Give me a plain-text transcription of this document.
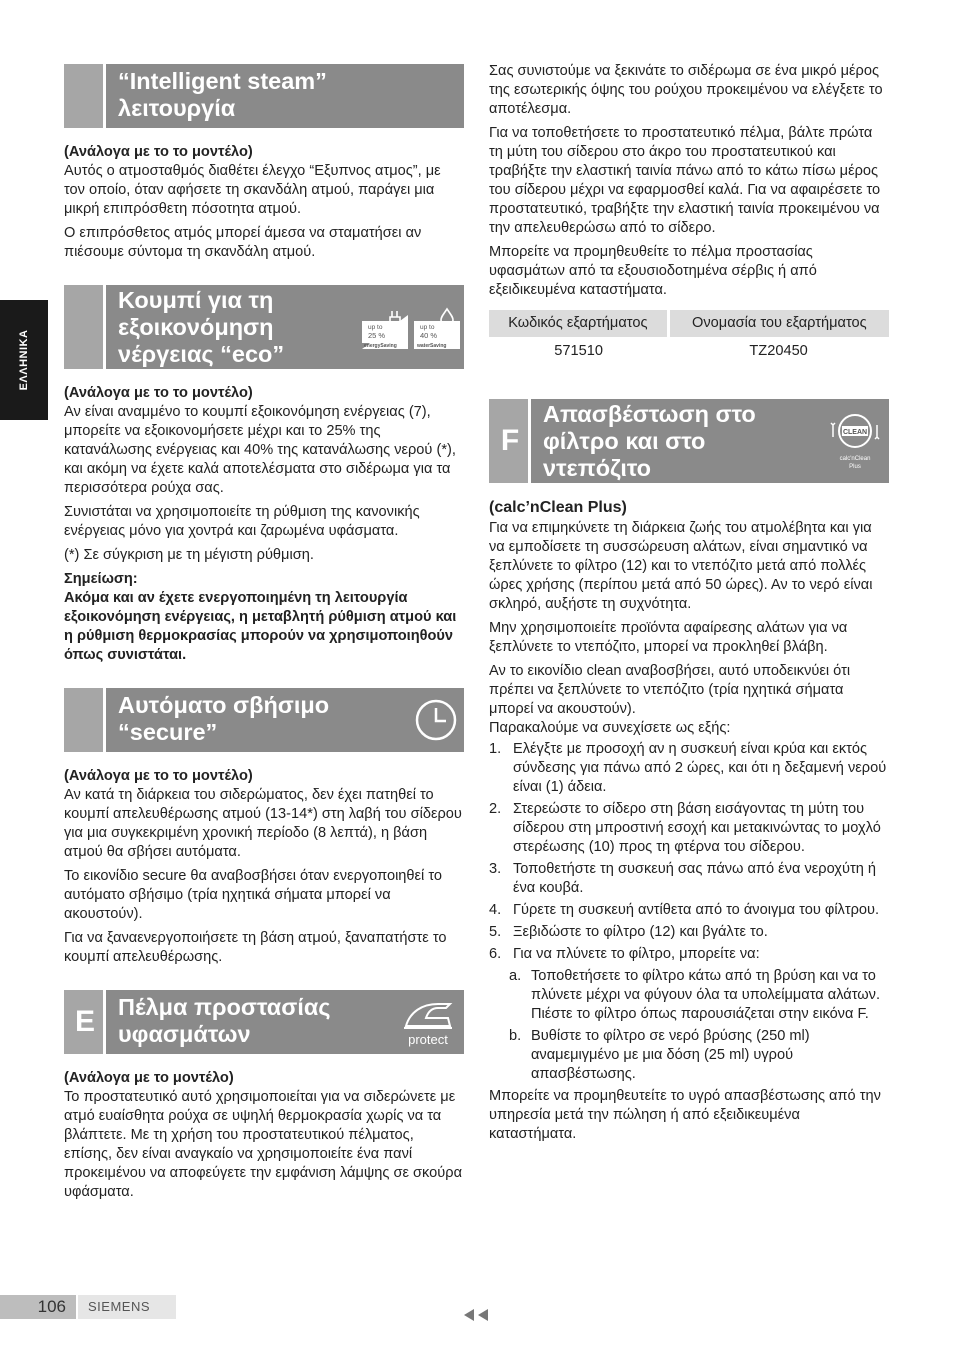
ΕΛΛΗΝΙΚΑ
“Intelligent steam”
λειτουργία
(Ανάλογα με το το μοντέλο)

Αυτός ο ατμοσταθμός διαθέτει έλεγχο “Εξυπνος ατμος”, με τον οποίο, όταν αφήσετε τη σκανδάλη ατμού, παράγει μια μικρή επιπρόσθετη πόσοτητα ατμού.

Ο επιπρόσθετος ατμός μπορεί άμεσα να σταματήσει αν πιέσουμε σύντομα τη σκανδάλη ατμού.

Κουμπί για τη
εξοικονόμηση
νέργειας “eco”
up to
25 %
energySaving
up to
40 %
waterSaving
(Ανάλογα με το το μοντέλο)

Αν είναι αναμμένο το κουμπί εξοικονόμηση ενέργειας (7), μπορείτε να εξοικονομήσετε μέχρι και το 25% της κατανάλωσης ενέργειας και 40% της κατανάλωσης νερού (*), και ακόμη να έχετε καλά αποτελέσματα στο σιδέρωμα για τα περισσότερα ρούχα σας.

Συνιστάται να χρησιμοποιείτε τη ρύθμιση της κανονικής ενέργειας μόνο για χοντρά και ζαρωμένα υφάσματα.

(*) Σε σύγκριση με τη μέγιστη ρύθμιση.

Σημείωση:

Ακόμα και αν έχετε ενεργοποιημένη τη λειτουργία εξοικονόμηση ενέργειας, η μεταβλητή ρύθμιση ατμού και η ρύθμιση θερμοκρασίας μπορούν να χρησιμοποιηθούν όπως συνιστάται.

Αυτόματο σβήσιμο
“secure”
(Ανάλογα με το το μοντέλο)

Αν κατά τη διάρκεια του σιδερώματος, δεν έχει πατηθεί το κουμπί απελευθέρωσης ατμού (13-14*) στη λαβή του σίδερου για μια συγκεκριμένη χρονική περίοδο (8 λεπτά), η βάση ατμού θα σβήσει αυτόματα.

Το εικονίδιο secure θα αναβοσβήσει όταν ενεργοποιηθεί το αυτόματο σβήσιμο (τρία ηχητικά σήματα μπορεί να ακουστούν).

Για να ξαναενεργοποιήσετε τη βάση ατμού, ξαναπατήστε το κουμπί απελευθέρωσης.

E Πέλμα προστασίας
υφασμάτων	protect
(Ανάλογα με το μοντέλο)

Το προστατευτικό αυτό χρησιμοποιείται για να σιδερώνετε με ατμό ευαίσθητα ρούχα σε υψηλή θερμοκρασία χωρίς να τα βλάπτετε. Με τη χρήση του προστατευτικού πέλματος, επίσης, δεν είναι αναγκαίο να χρησιμοποιείτε ένα πανί προκειμένου να αποφεύγετε την εμφάνιση λάμψης σε σκούρα υφάσματα.

Σας συνιστούμε να ξεκινάτε το σιδέρωμα σε ένα μικρό μέρος της εσωτερικής όψης του ρούχου προκειμένου να ελέγξετε το αποτέλεσμα.

Για να τοποθετήσετε το προστατευτικό πέλμα, βάλτε πρώτα τη μύτη του σίδερου στο άκρο του προστατευτικού και τραβήξτε την ελαστική ταινία πάνω από το κάτω πίσω μέρος του σίδερου μέχρι να εφαρμοσθεί καλά. Για να αφαιρέσετε το προστατευτικό, τραβήξτε την ελαστική ταινία προκειμένου να την απελευθερώσω από το σίδερο.

Μπορείτε να προμηθευθείτε το πέλμα προστασίας υφασμάτων από τα εξουσιοδοτημένα σέρβις ή από εξειδικευμένα καταστήματα.

Κωδικός εξαρτήματος	Ονομασία του εξαρτήματος
571510	TZ20450
F
Απασβέστωση στο
φίλτρο και στο
ντεπόζιτο
CLEAN
calc'nClean
Plus
(calc’nClean Plus)

Για να επιμηκύνετε τη διάρκεια ζωής του ατμολέβητα και για να εμποδίσετε τη συσσώρευση αλάτων, είναι σημαντικό να ξεπλύνετε το φίλτρο (12) και το ντεπόζιτο μετά από πολλές ώρες χρήσης (περίπου μετά από 50 ώρες). Αν το νερό είναι σκληρό, αυξήστε τη συχνότητα.

Μην χρησιμοποιείτε προϊόντα αφαίρεσης αλάτων για να ξεπλύνετε το ντεπόζιτο, μπορεί να προκληθεί βλάβη.

Αν το εικονίδιο clean αναβοσβήσει, αυτό υποδεικνύει ότι πρέπει να ξεπλύνετε το ντεπόζιτο (τρία ηχητικά σήματα μπορεί να ακουστούν).

Παρακαλούμε να συνεχίσετε ως εξής:

1. Ελέγξτε με προσοχή αν η συσκευή είναι κρύα και εκτός σύνδεσης για πάνω από 2 ώρες, και ότι η δεξαμενή νερού είναι (1) άδεια.
2. Στερεώστε το σίδερο στη βάση εισάγοντας τη μύτη του σίδερου στη μπροστινή εσοχή και μετακινώντας το μοχλό στερέωσης (10) προς τη φτέρνα του σίδερου.
3. Τοποθετήστε τη συσκευή σας πάνω από ένα νεροχύτη ή ένα κουβά.
4. Γύρετε τη συσκευή αντίθετα από το άνοιγμα του φίλτρου.
5. Ξεβιδώστε το φίλτρο (12) και βγάλτε το.
6. Για να πλύνετε το φίλτρο, μπορείτε να:
a. Τοποθετήσετε το φίλτρο κάτω από τη βρύση και να το πλύνετε μέχρι να φύγουν όλα τα υπολείμματα αλάτων. Πιέστε το φίλτρο όπως παρουσιάζεται στην εικόνα F.
b. Βυθίστε το φίλτρο σε νερό βρύσης (250 ml) αναμεμιγμένο με μια δόση (25 ml) υγρού απασβέστωσης.

Μπορείτε να προμηθευτείτε το υγρό απασβέστωσης από την υπηρεσία μετά την πώληση ή από εξειδικευμένα καταστήματα.

106	SIEMENS
